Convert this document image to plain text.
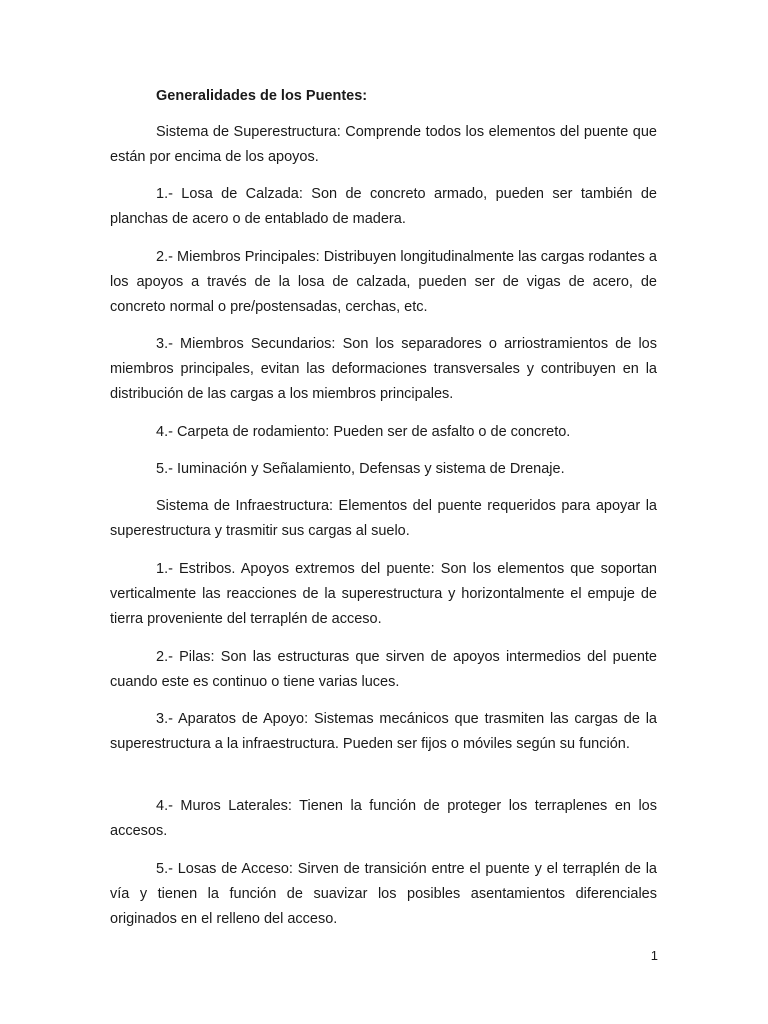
Generalidades de los Puentes:

Sistema de Superestructura: Comprende todos los elementos del puente que están por encima de los apoyos.

1.- Losa de Calzada: Son de concreto armado, pueden ser también de planchas de acero o de entablado de madera.

2.- Miembros Principales: Distribuyen longitudinalmente las cargas rodantes a los apoyos a través de la losa de calzada, pueden ser de vigas de acero, de concreto normal o pre/postensadas, cerchas, etc.

3.- Miembros Secundarios: Son los separadores o arriostramientos de los miembros principales, evitan las deformaciones transversales y contribuyen en la distribución de las cargas a los miembros principales.

4.- Carpeta de rodamiento: Pueden ser de asfalto o de concreto.

5.- Iuminación y Señalamiento, Defensas y sistema de Drenaje.

Sistema de Infraestructura: Elementos del puente requeridos para apoyar la superestructura y trasmitir sus cargas al suelo.

1.- Estribos. Apoyos extremos del puente: Son los elementos que soportan verticalmente las reacciones de la superestructura y horizontalmente el empuje de tierra proveniente del terraplén de acceso.

2.- Pilas: Son las estructuras que sirven de apoyos intermedios del puente cuando este es continuo o tiene varias luces.

3.- Aparatos de Apoyo: Sistemas mecánicos que trasmiten las cargas de la superestructura a la infraestructura. Pueden ser fijos o móviles según su función.

4.- Muros Laterales: Tienen la función de proteger los terraplenes en los accesos.

5.- Losas de Acceso: Sirven de transición entre el puente y el terraplén de la vía y tienen la función de suavizar los posibles asentamientos diferenciales originados en el relleno del acceso.

1
